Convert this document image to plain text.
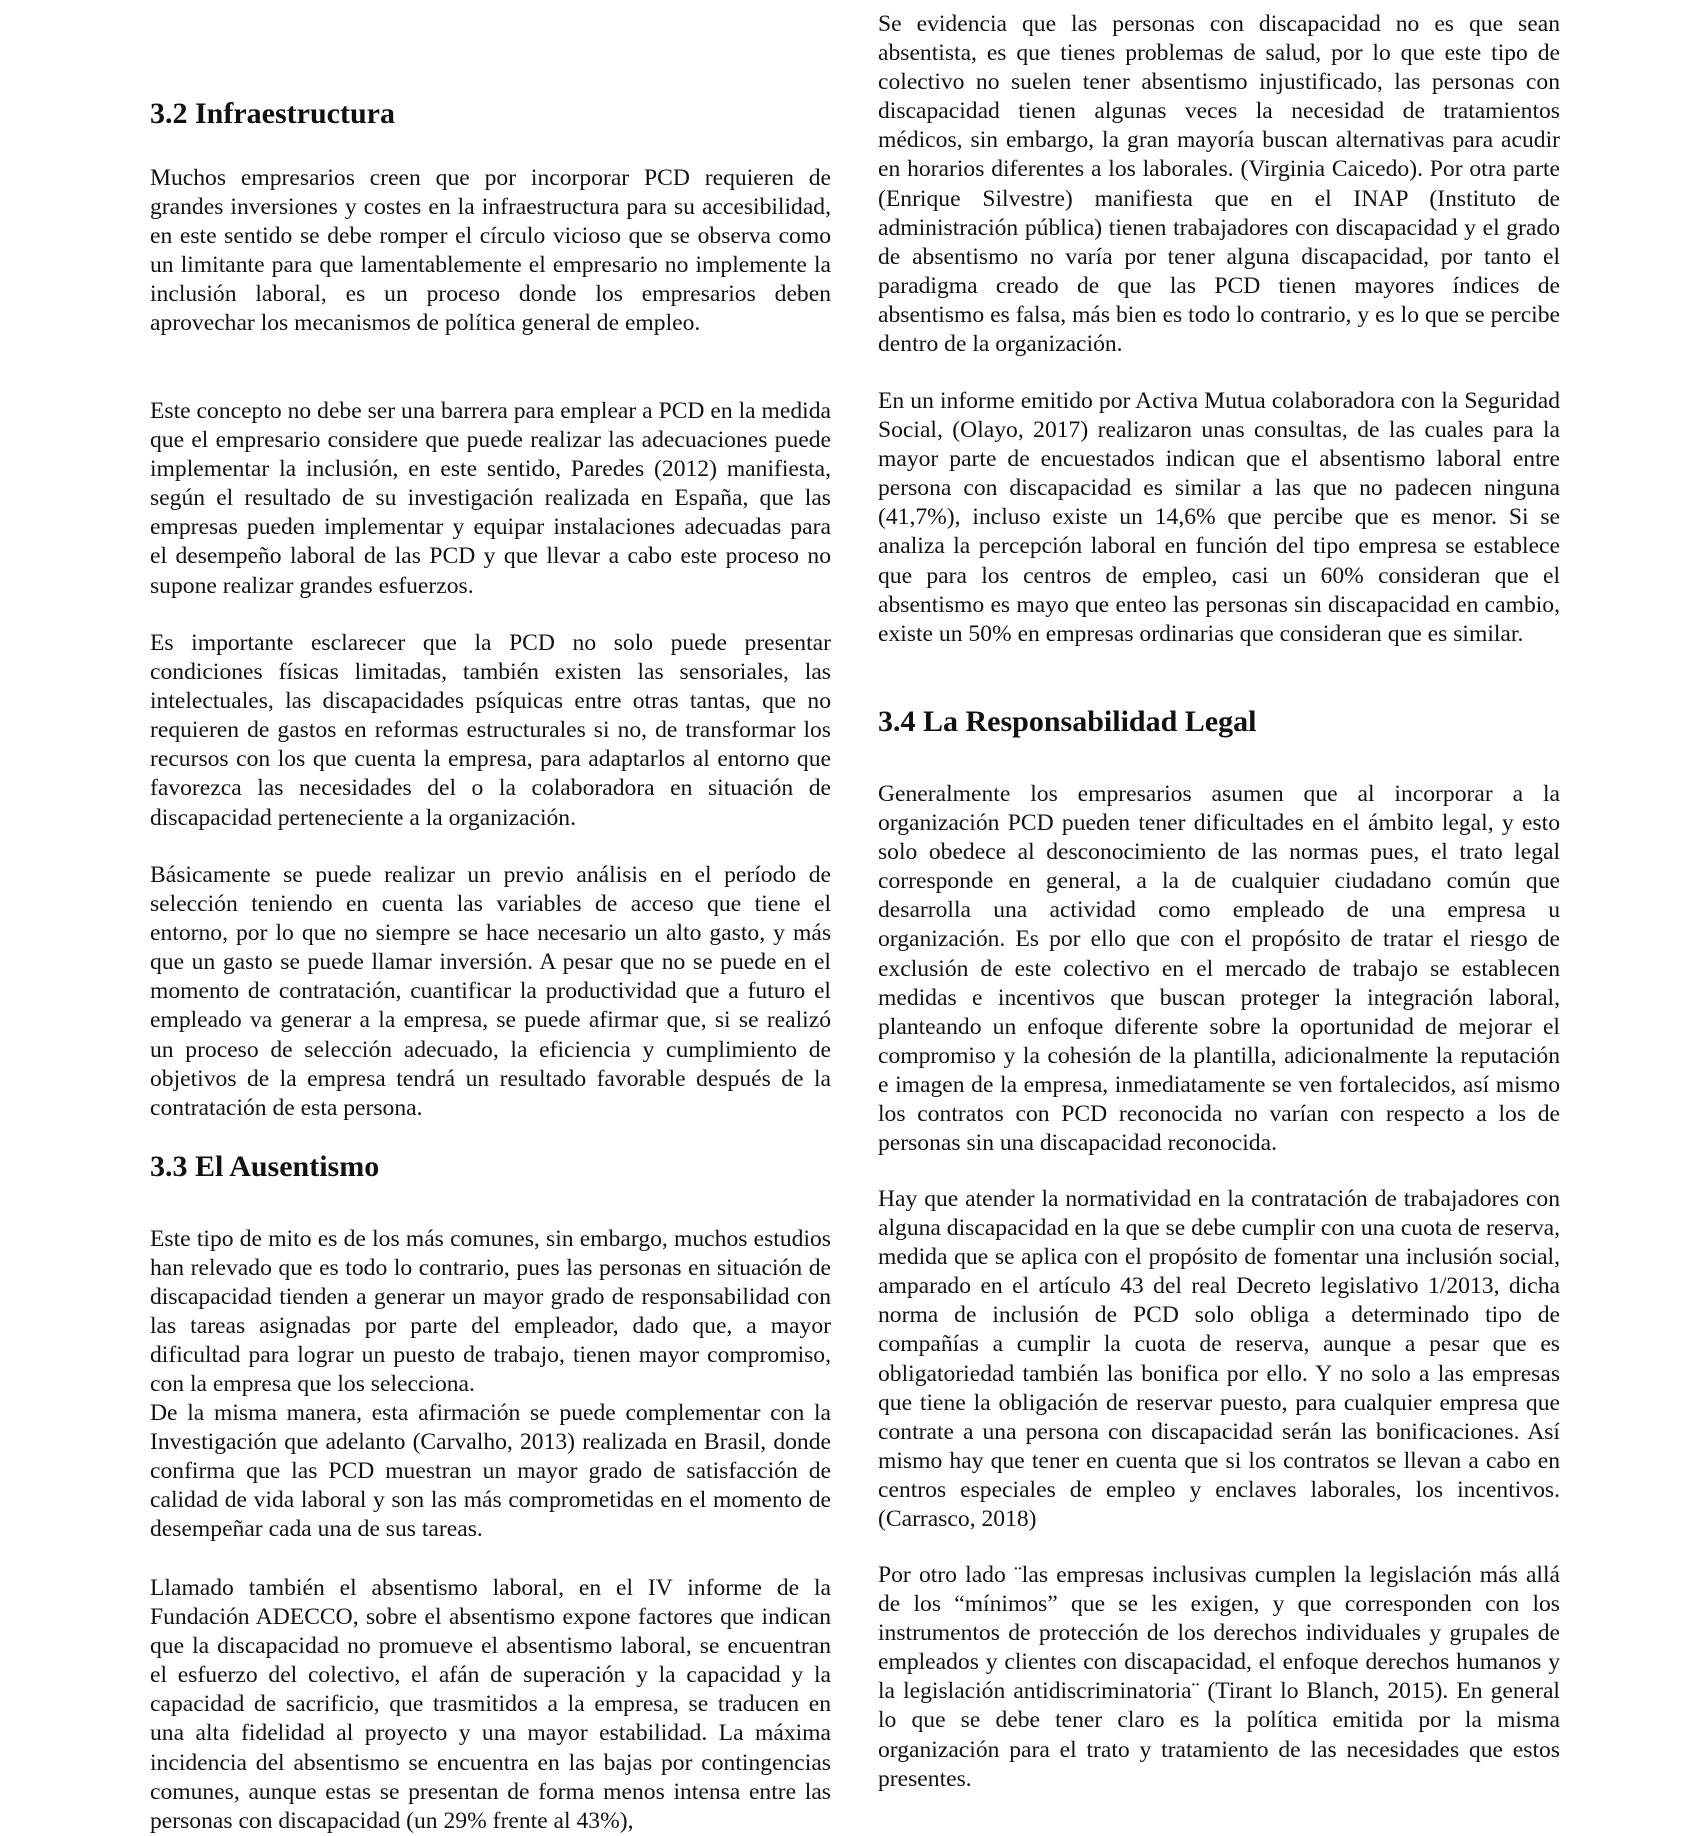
3.2 Infraestructura

Muchos empresarios creen que por incorporar PCD requieren de grandes inversiones y costes en la infraestructura para su accesibilidad, en este sentido se debe romper el círculo vicioso que se observa como un limitante para que lamentablemente el empresario no implemente la inclusión laboral, es un proceso donde los empresarios deben aprovechar los mecanismos de política general de empleo.

Este concepto no debe ser una barrera para emplear a PCD en la medida que el empresario considere que puede realizar las adecuaciones puede implementar la inclusión, en este sentido, Paredes (2012) manifiesta, según el resultado de su investigación realizada en España, que las empresas pueden implementar y equipar instalaciones adecuadas para el desempeño laboral de las PCD y que llevar a cabo este proceso no supone realizar grandes esfuerzos.

Es importante esclarecer que la PCD no solo puede presentar condiciones físicas limitadas, también existen las sensoriales, las intelectuales, las discapacidades psíquicas entre otras tantas, que no requieren de gastos en reformas estructurales si no, de transformar los recursos con los que cuenta la empresa, para adaptarlos al entorno que favorezca las necesidades del o la colaboradora en situación de discapacidad perteneciente a la organización.

Básicamente se puede realizar un previo análisis en el período de selección teniendo en cuenta las variables de acceso que tiene el entorno, por lo que no siempre se hace necesario un alto gasto, y más que un gasto se puede llamar inversión. A pesar que no se puede en el momento de contratación, cuantificar la productividad que a futuro el empleado va generar a la empresa, se puede afirmar que, si se realizó un proceso de selección adecuado, la eficiencia y cumplimiento de objetivos de la empresa tendrá un resultado favorable después de la contratación de esta persona.

3.3 El Ausentismo

Este tipo de mito es de los más comunes, sin embargo, muchos estudios han relevado que es todo lo contrario, pues las personas en situación de discapacidad tienden a generar un mayor grado de responsabilidad con las tareas asignadas por parte del empleador, dado que, a mayor dificultad para lograr un puesto de trabajo, tienen mayor compromiso, con la empresa que los selecciona.

De la misma manera, esta afirmación se puede complementar con la Investigación que adelanto (Carvalho, 2013) realizada en Brasil, donde confirma que las PCD muestran un mayor grado de satisfacción de calidad de vida laboral y son las más comprometidas en el momento de desempeñar cada una de sus tareas.

Llamado también el absentismo laboral, en el IV informe de la Fundación ADECCO, sobre el absentismo expone factores que indican que la discapacidad no promueve el absentismo laboral, se encuentran el esfuerzo del colectivo, el afán de superación y la capacidad y la capacidad de sacrificio, que trasmitidos a la empresa, se traducen en una alta fidelidad al proyecto y una mayor estabilidad. La máxima incidencia del absentismo se encuentra en las bajas por contingencias comunes, aunque estas se presentan de forma menos intensa entre las personas con discapacidad (un 29% frente al 43%),

Se evidencia que las personas con discapacidad no es que sean absentista, es que tienes problemas de salud, por lo que este tipo de colectivo no suelen tener absentismo injustificado, las personas con discapacidad tienen algunas veces la necesidad de tratamientos médicos, sin embargo, la gran mayoría buscan alternativas para acudir en horarios diferentes a los laborales. (Virginia Caicedo). Por otra parte (Enrique Silvestre) manifiesta que en el INAP (Instituto de administración pública) tienen trabajadores con discapacidad y el grado de absentismo no varía por tener alguna discapacidad, por tanto el paradigma creado de que las PCD tienen mayores índices de absentismo es falsa, más bien es todo lo contrario, y es lo que se percibe dentro de la organización.

En un informe emitido por Activa Mutua colaboradora con la Seguridad Social, (Olayo, 2017) realizaron unas consultas, de las cuales para la mayor parte de encuestados indican que el absentismo laboral entre persona con discapacidad es similar a las que no padecen ninguna (41,7%), incluso existe un 14,6% que percibe que es menor. Si se analiza la percepción laboral en función del tipo empresa se establece que para los centros de empleo, casi un 60% consideran que el absentismo es mayo que enteo las personas sin discapacidad en cambio, existe un 50% en empresas ordinarias que consideran que es similar.

3.4 La Responsabilidad Legal

Generalmente los empresarios asumen que al incorporar a la organización PCD pueden tener dificultades en el ámbito legal, y esto solo obedece al desconocimiento de las normas pues, el trato legal corresponde en general, a la de cualquier ciudadano común que desarrolla una actividad como empleado de una empresa u organización. Es por ello que con el propósito de tratar el riesgo de exclusión de este colectivo en el mercado de trabajo se establecen medidas e incentivos que buscan proteger la integración laboral, planteando un enfoque diferente sobre la oportunidad de mejorar el compromiso y la cohesión de la plantilla, adicionalmente la reputación e imagen de la empresa, inmediatamente se ven fortalecidos, así mismo los contratos con PCD reconocida no varían con respecto a los de personas sin una discapacidad reconocida.

Hay que atender la normatividad en la contratación de trabajadores con alguna discapacidad en la que se debe cumplir con una cuota de reserva, medida que se aplica con el propósito de fomentar una inclusión social, amparado en el artículo 43 del real Decreto legislativo 1/2013, dicha norma de inclusión de PCD solo obliga a determinado tipo de compañías a cumplir la cuota de reserva, aunque a pesar que es obligatoriedad también las bonifica por ello. Y no solo a las empresas que tiene la obligación de reservar puesto, para cualquier empresa que contrate a una persona con discapacidad serán las bonificaciones. Así mismo hay que tener en cuenta que si los contratos se llevan a cabo en centros especiales de empleo y enclaves laborales, los incentivos. (Carrasco, 2018)

Por otro lado ¨las empresas inclusivas cumplen la legislación más allá de los “mínimos” que se les exigen, y que corresponden con los instrumentos de protección de los derechos individuales y grupales de empleados y clientes con discapacidad, el enfoque derechos humanos y la legislación antidiscriminatoria¨ (Tirant lo Blanch, 2015). En general lo que se debe tener claro es la política emitida por la misma organización para el trato y tratamiento de las necesidades que estos presentes.
